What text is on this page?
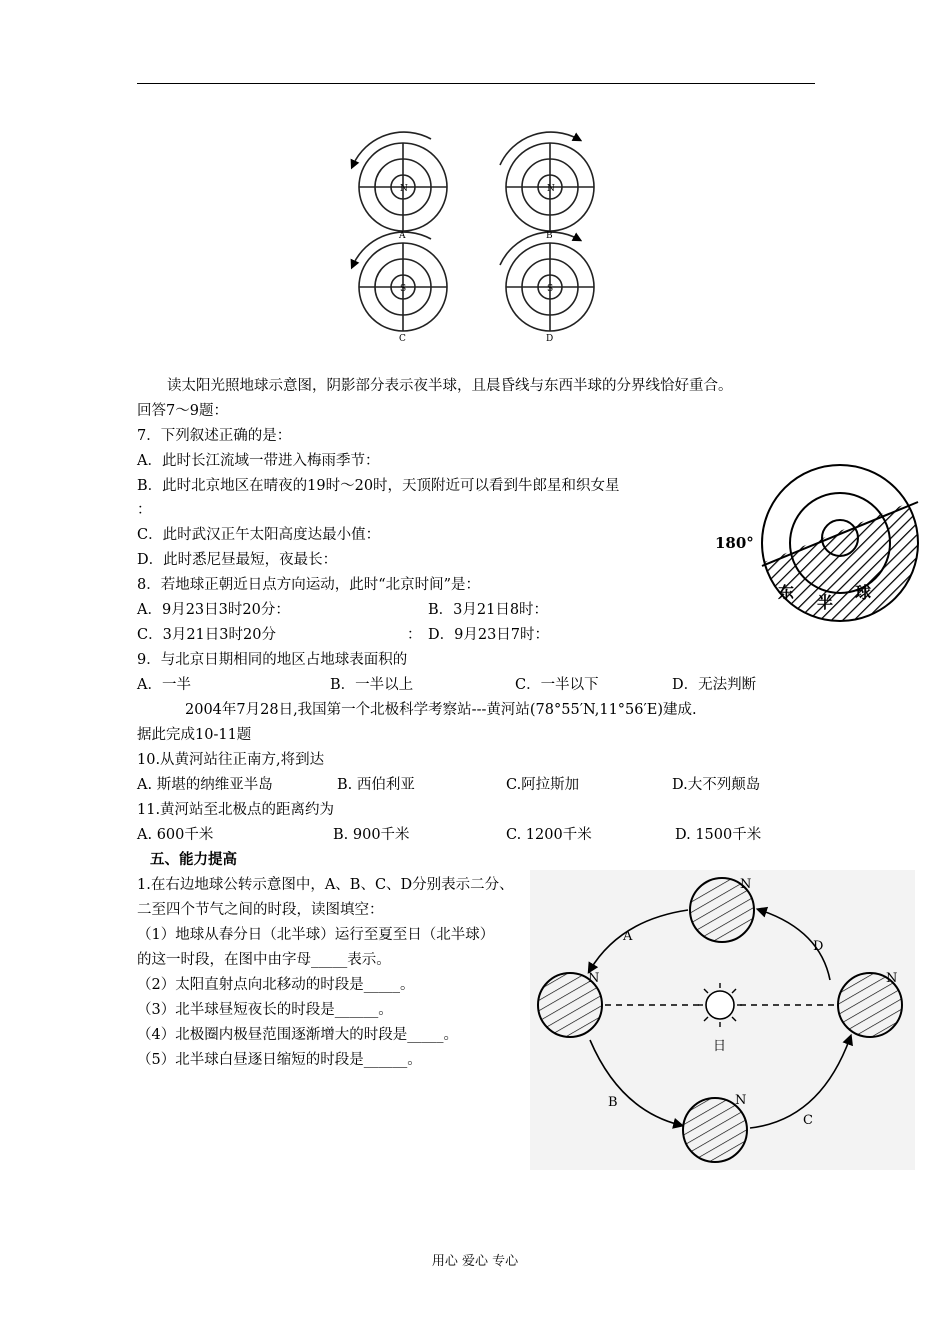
N	N
S	S
A	B
C	D
读太阳光照地球示意图，阴影部分表示夜半球，且晨昏线与东西半球的分界线恰好重合。
回答7～9题：
7．下列叙述正确的是：
A．此时长江流域一带进入梅雨季节：
B．此时北京地区在晴夜的19时～20时，天顶附近可以看到牛郎星和织女星
：
C．此时武汉正午太阳高度达最小值：
D．此时悉尼昼最短，夜最长：
180°
东
半
球
8．若地球正朝近日点方向运动，此时“北京时间”是：
A．9月23日3时20分：	B．3月21日8时：
C．3月21日3时20分	： D．9月23日7时：
9．与北京日期相同的地区占地球表面积的
A．一半	B．一半以上	C．一半以下	D．无法判断
2004年7月28日,我国第一个北极科学考察站---黄河站(78°55′N,11°56′E)建成.
据此完成10-11题
10.从黄河站往正南方,将到达
A. 斯堪的纳维亚半岛	B. 西伯利亚	C.阿拉斯加	D.大不列颠岛
11.黄河站至北极点的距离约为
A. 600千米	B. 900千米	C. 1200千米	D. 1500千米
五、能力提高
1.在右边地球公转示意图中，A、B、C、D分别表示二分、
二至四个节气之间的时段，读图填空：
（1）地球从春分日（北半球）运行至夏至日（北半球）
的这一时段，在图中由字母_____表示。
（2）太阳直射点向北移动的时段是_____。
（3）北半球昼短夜长的时段是______。
（4）北极圈内极昼范围逐渐增大的时段是_____。
（5）北半球白昼逐日缩短的时段是______。
日
N
N	N
N
A
D
B
C
用心 爱心 专心
